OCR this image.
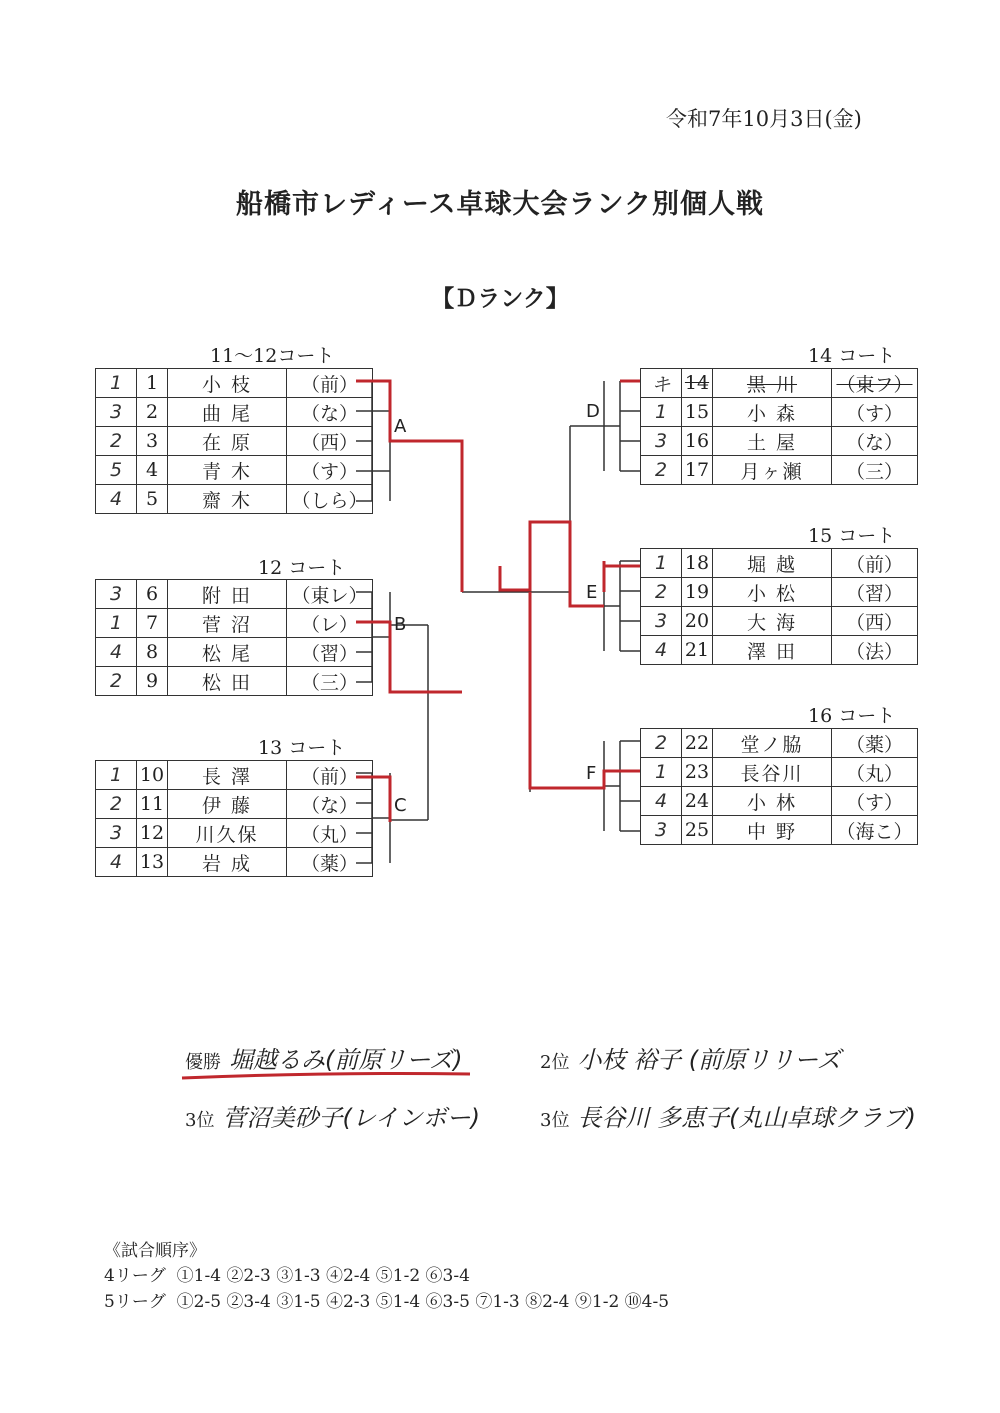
令和7年10月3日(金)
船橋市レディース卓球大会ランク別個人戦
【Ｄランク】
11～12コート
1	1	小 枝	（前）
3	2	曲 尾	（な）
2	3	在 原	（西）
5	4	青 木	（す）
4	5	齋 木	（しら）
12 コート
3	6	附 田	（東レ）
1	7	菅 沼	（レ）
4	8	松 尾	（習）
2	9	松 田	（三）
13 コート
1	10	長 澤	（前）
2	11	伊 藤	（な）
3	12	川久保	（丸）
4	13	岩 成	（薬）
14 コート
キ	14	黒 川	（東フ）
1	15	小 森	（す）
3	16	土 屋	（な）
2	17	月ヶ瀬	（三）
15 コート
1	18	堀 越	（前）
2	19	小 松	（習）
3	20	大 海	（西）
4	21	澤 田	（法）
16 コート
2	22	堂ノ脇	（薬）
1	23	長谷川	（丸）
4	24	小 林	（す）
3	25	中 野	（海こ）
A
B
C
D
E
F
優勝 堀越るみ(前原リーズ)	2位 小枝 裕子 (前原リリーズ
3位 菅沼美砂子(レインボー)	3位 長谷川 多恵子(丸山卓球クラブ)
《試合順序》
4リーグ ①1-4 ②2-3 ③1-3 ④2-4 ⑤1-2 ⑥3-4
5リーグ ①2-5 ②3-4 ③1-5 ④2-3 ⑤1-4 ⑥3-5 ⑦1-3 ⑧2-4 ⑨1-2 ⑩4-5
